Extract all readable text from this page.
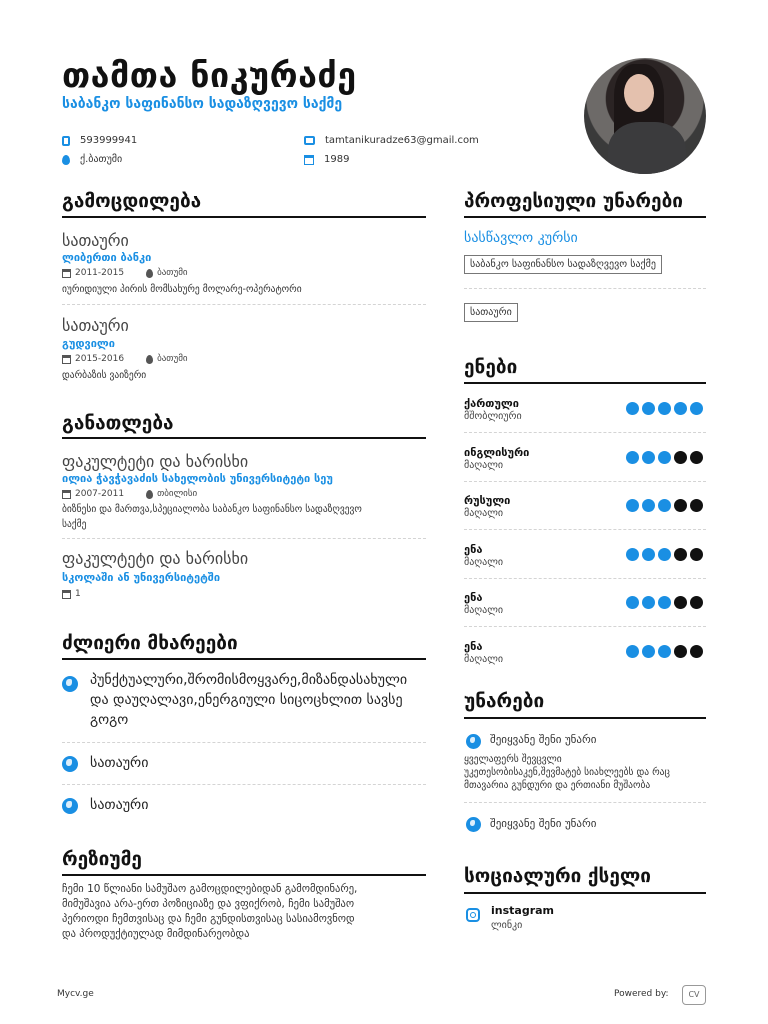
თამთა ნიკურაძე
საბანკო საფინანსო სადაზღვევო საქმე
593999941
ქ.ბათუმი
tamtanikuradze63@gmail.com
1989
გამოცდილება
სათაური
ლიბერთი ბანკი
2011-2015	ბათუმი
იურიდიული პირის მომსახურე მოლარე-ოპერატორი
სათაური
გუდვილი
2015-2016	ბათუმი
დარბაზის ვაიზერი
განათლება
ფაკულტეტი და ხარისხი
ილია ჭავჭავაძის სახელობის უნივერსიტეტი სეუ
2007-2011	თბილისი
ბიზნესი და მართვა,სპეციალობა საბანკო საფინანსო სადაზღვევო
საქმე
ფაკულტეტი და ხარისხი
სკოლაში ან უნივერსიტეტში
1
ძლიერი მხარეები
პუნქტუალური,შრომისმოყვარე,მიზანდასახული
და დაუღალავი,ენერგიული სიცოცხლით სავსე
გოგო
სათაური
სათაური
რეზიუმე
ჩემი 10 წლიანი სამუშაო გამოცდილებიდან გამომდინარე,
მიმუშავია არა-ერთ პოზიციაზე და ვფიქრობ, ჩემი სამუშაო
პერიოდი ჩემთვისაც და ჩემი გუნდისთვისაც სასიამოვნოდ
და პროდუქტიულად მიმდინარეობდა
პროფესიული უნარები
სასწავლო კურსი
საბანკო საფინანსო სადაზღვევო საქმე
სათაური
ენები
ქართული
მშობლიური
ინგლისური
მაღალი
რუსული
მაღალი
ენა
მაღალი
ენა
მაღალი
ენა
მაღალი
უნარები
შეიყვანე შენი უნარი
ყველაფერს შევცვლი
უკეთესობისაკენ,შევმატებ სიახლეებს და რაც
მთავარია გუნდური და ერთიანი მუშაობა
შეიყვანე შენი უნარი
სოციალური ქსელი
instagram
ლინკი
Mycv.ge	Powered by:	CV
